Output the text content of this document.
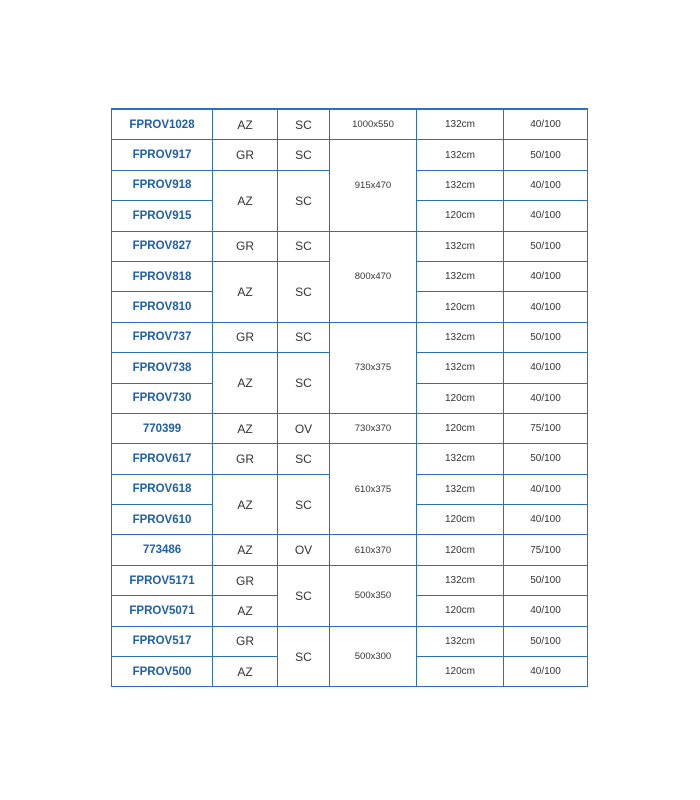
FPROV1028	AZ	SC	1000x550	132cm	40/100
FPROV917	GR	SC	915x470	132cm	50/100
FPROV918	AZ	SC		132cm	40/100
FPROV915				120cm	40/100
FPROV827	GR	SC	800x470	132cm	50/100
FPROV818	AZ	SC		132cm	40/100
FPROV810				120cm	40/100
FPROV737	GR	SC	730x375	132cm	50/100
FPROV738	AZ	SC		132cm	40/100
FPROV730				120cm	40/100
770399	AZ	OV	730x370	120cm	75/100
FPROV617	GR	SC	610x375	132cm	50/100
FPROV618	AZ	SC		132cm	40/100
FPROV610				120cm	40/100
773486	AZ	OV	610x370	120cm	75/100
FPROV5171	GR	SC	500x350	132cm	50/100
FPROV5071	AZ			120cm	40/100
FPROV517	GR	SC	500x300	132cm	50/100
FPROV500	AZ			120cm	40/100
